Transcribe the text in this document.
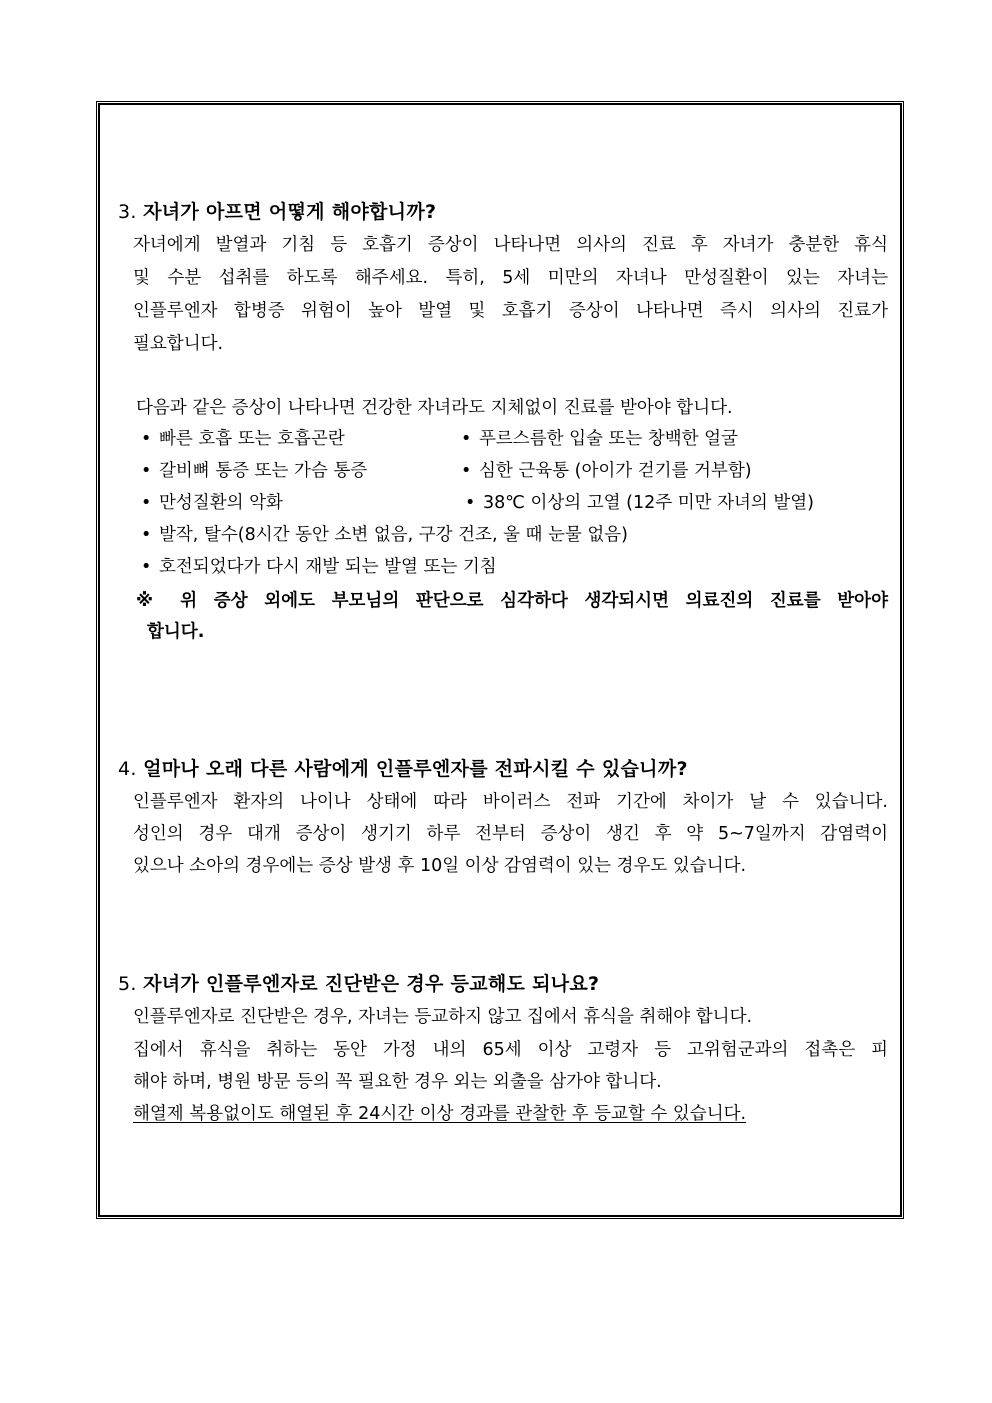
3. 자녀가 아프면 어떻게 해야합니까?
자녀에게 발열과 기침 등 호흡기 증상이 나타나면 의사의 진료 후 자녀가 충분한 휴식
및 수분 섭취를 하도록 해주세요. 특히, 5세 미만의 자녀나 만성질환이 있는 자녀는
인플루엔자 합병증 위험이 높아 발열 및 호흡기 증상이 나타나면 즉시 의사의 진료가
필요합니다.
다음과 같은 증상이 나타나면 건강한 자녀라도 지체없이 진료를 받아야 합니다.
• 빠른 호흡 또는 호흡곤란	• 푸르스름한 입술 또는 창백한 얼굴
• 갈비뼈 통증 또는 가슴 통증	• 심한 근육통 (아이가 걷기를 거부함)
• 만성질환의 악화	• 38℃ 이상의 고열 (12주 미만 자녀의 발열)
• 발작, 탈수(8시간 동안 소변 없음, 구강 건조, 울 때 눈물 없음)
• 호전되었다가 다시 재발 되는 발열 또는 기침
※ 위 증상 외에도 부모님의 판단으로 심각하다 생각되시면 의료진의 진료를 받아야
합니다.
4. 얼마나 오래 다른 사람에게 인플루엔자를 전파시킬 수 있습니까?
인플루엔자 환자의 나이나 상태에 따라 바이러스 전파 기간에 차이가 날 수 있습니다.
성인의 경우 대개 증상이 생기기 하루 전부터 증상이 생긴 후 약 5~7일까지 감염력이
있으나 소아의 경우에는 증상 발생 후 10일 이상 감염력이 있는 경우도 있습니다.
5. 자녀가 인플루엔자로 진단받은 경우 등교해도 되나요?
인플루엔자로 진단받은 경우, 자녀는 등교하지 않고 집에서 휴식을 취해야 합니다.
집에서 휴식을 취하는 동안 가정 내의 65세 이상 고령자 등 고위험군과의 접촉은 피
해야 하며, 병원 방문 등의 꼭 필요한 경우 외는 외출을 삼가야 합니다.
해열제 복용없이도 해열된 후 24시간 이상 경과를 관찰한 후 등교할 수 있습니다.
